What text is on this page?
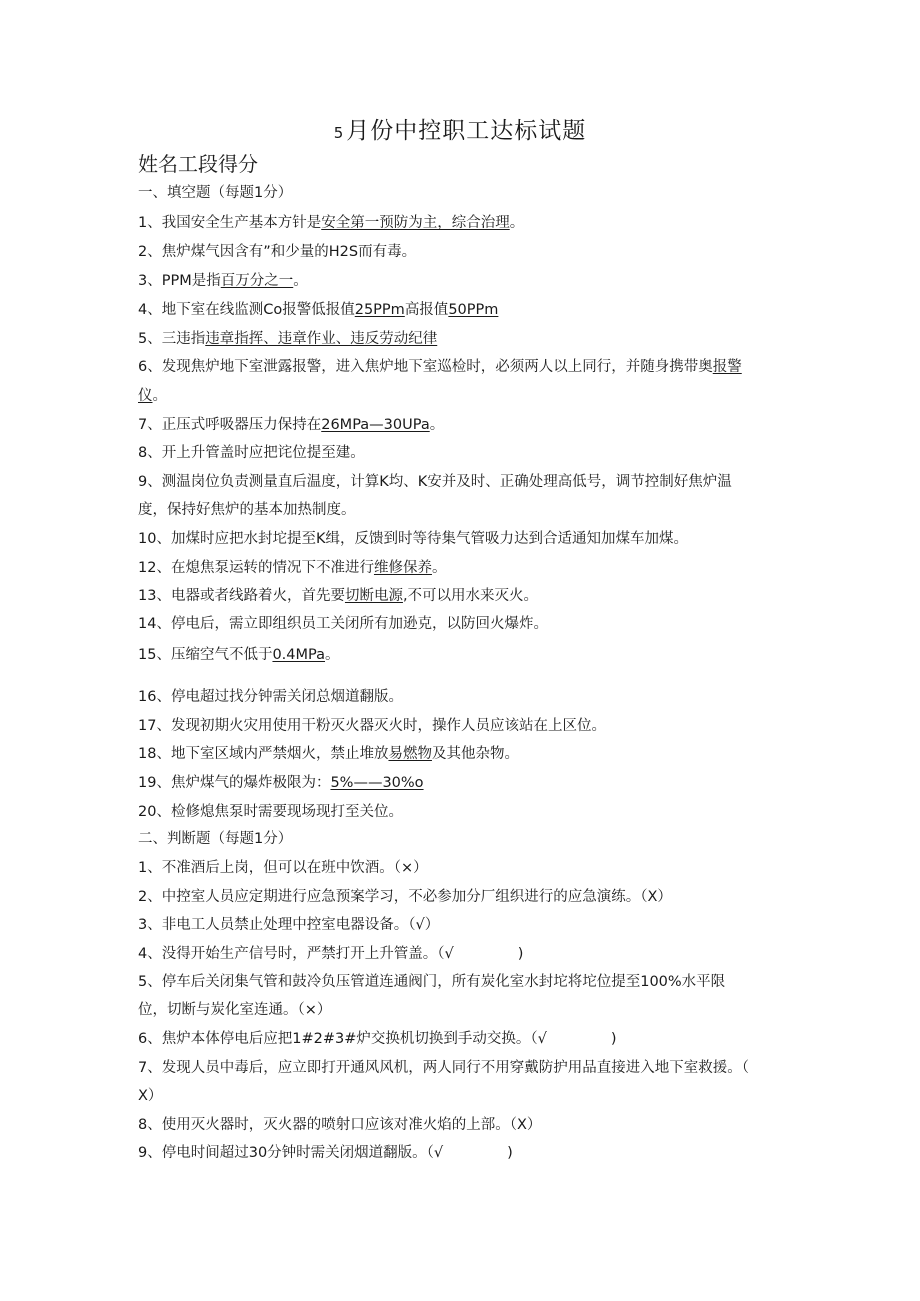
5月份中控职工达标试题
姓名工段得分
一、填空题（每题1分）
1、我国安全生产基本方针是安全第一预防为主，综合治理。
2、焦炉煤气因含有”和少量的H2S而有毒。
3、PPM是指百万分之一。
4、地下室在线监测Co报警低报值25PPm高报值50PPm
5、三违指违章指挥、违章作业、违反劳动纪律
6、发现焦炉地下室泄露报警，进入焦炉地下室巡检时，必须两人以上同行，并随身携带奥报警
仪。
7、正压式呼吸器压力保持在26MPa—30UPa。
8、开上升管盖时应把诧位提至建。
9、测温岗位负责测量直后温度，计算K均、K安并及时、正确处理高低号，调节控制好焦炉温
度，保持好焦炉的基本加热制度。
10、加煤时应把水封坨提至K缉，反馈到时等待集气管吸力达到合适通知加煤车加煤。
12、在熄焦泵运转的情况下不准进行维修保养。
13、电器或者线路着火，首先要切断电源,不可以用水来灭火。
14、停电后，需立即组织员工关闭所有加逊克，以防回火爆炸。
15、压缩空气不低于0.4MPa。
16、停电超过找分钟需关闭总烟道翻版。
17、发现初期火灾用使用干粉灭火器灭火时，操作人员应该站在上区位。
18、地下室区域内严禁烟火，禁止堆放易燃物及其他杂物。
19、焦炉煤气的爆炸极限为：5%——30%o
20、检修熄焦泵时需要现场现打至关位。
二、判断题（每题1分）
1、不准酒后上岗，但可以在班中饮酒。（×）
2、中控室人员应定期进行应急预案学习，不必参加分厂组织进行的应急演练。（X）
3、非电工人员禁止处理中控室电器设备。（√）
4、没得开始生产信号时，严禁打开上升管盖。（√	)
5、停车后关闭集气管和鼓冷负压管道连通阀门，所有炭化室水封坨将坨位提至100%水平限
位，切断与炭化室连通。（×）
6、焦炉本体停电后应把1#2#3#炉交换机切换到手动交换。（√	)
7、发现人员中毒后，应立即打开通风风机，两人同行不用穿戴防护用品直接进入地下室救援。（
X）
8、使用灭火器时，灭火器的喷射口应该对准火焰的上部。（X）
9、停电时间超过30分钟时需关闭烟道翻版。（√	)
